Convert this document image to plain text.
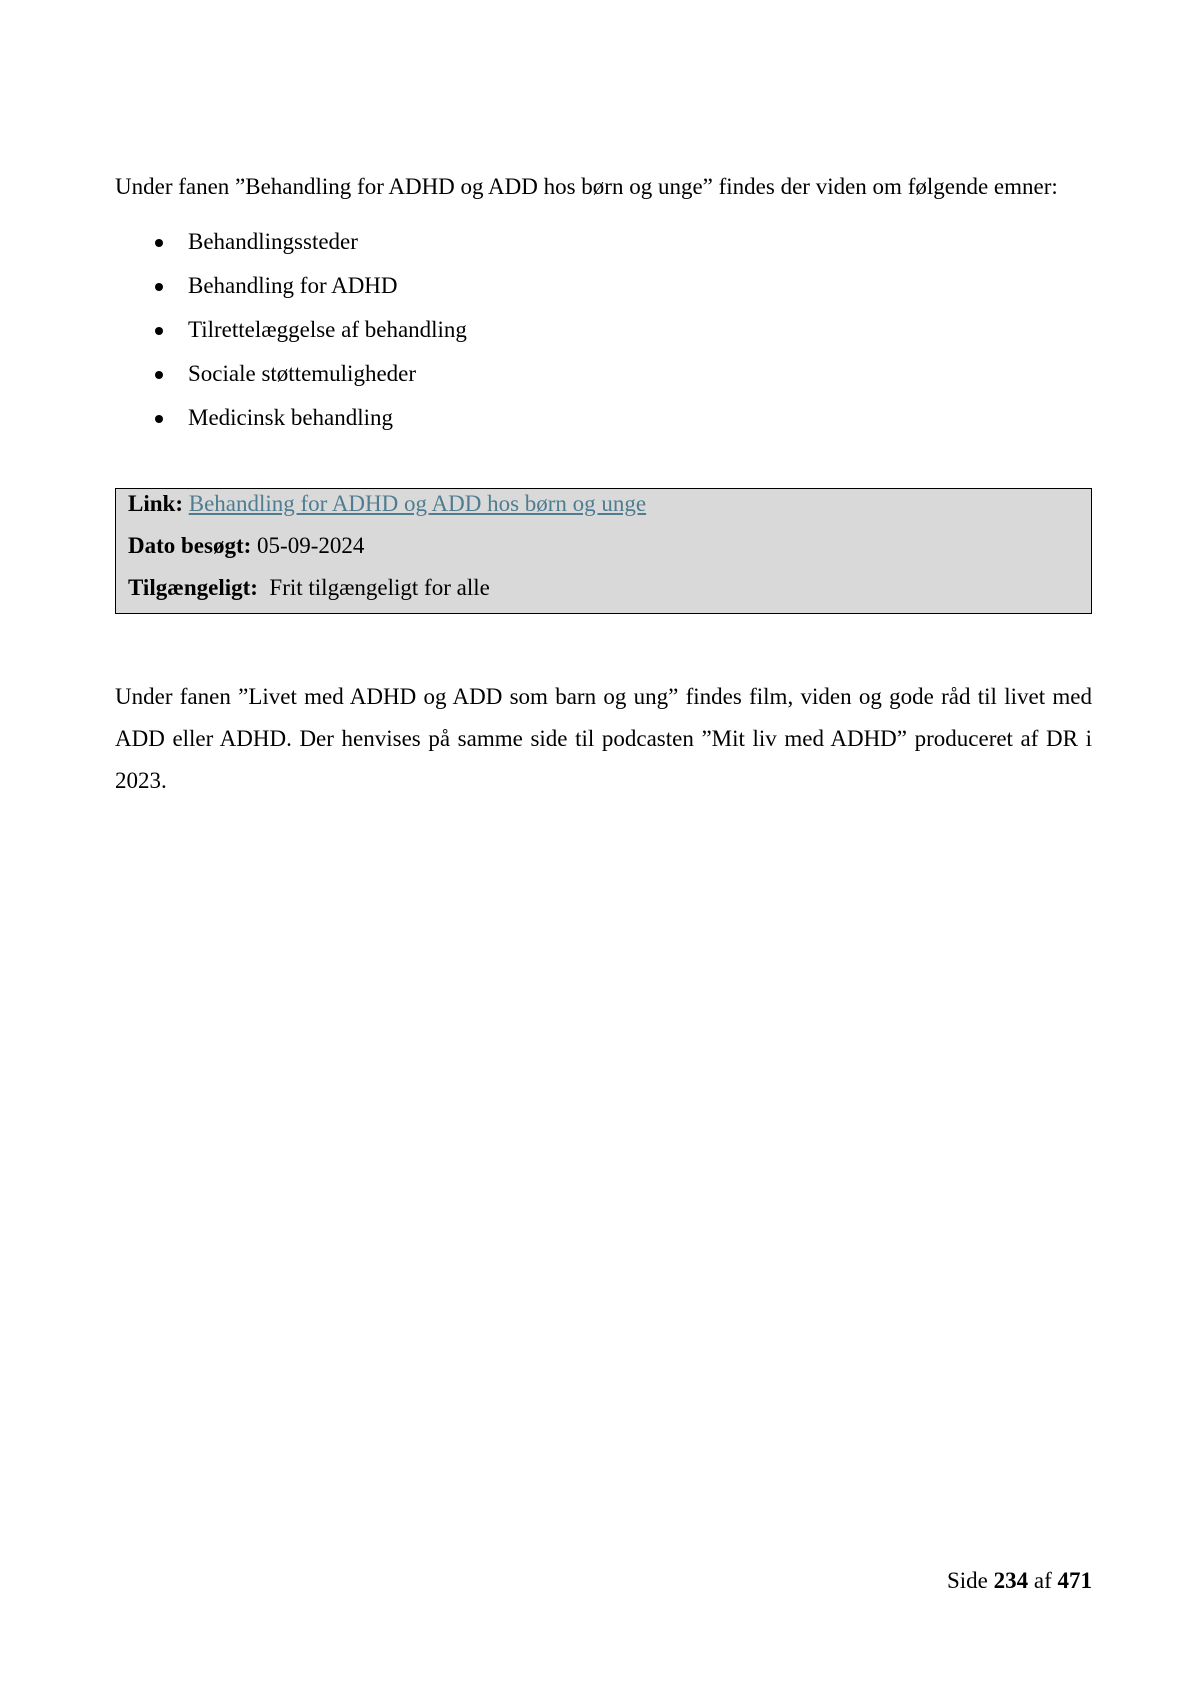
Under fanen ”Behandling for ADHD og ADD hos børn og unge” findes der viden om følgende emner:

Behandlingssteder
Behandling for ADHD
Tilrettelæggelse af behandling
Sociale støttemuligheder
Medicinsk behandling
Link: Behandling for ADHD og ADD hos børn og unge
Dato besøgt: 05-09-2024
Tilgængeligt: Frit tilgængeligt for alle

Under fanen ”Livet med ADHD og ADD som barn og ung” findes film, viden og gode råd til livet med ADD eller ADHD. Der henvises på samme side til podcasten ”Mit liv med ADHD” produceret af DR i 2023.

Side 234 af 471
